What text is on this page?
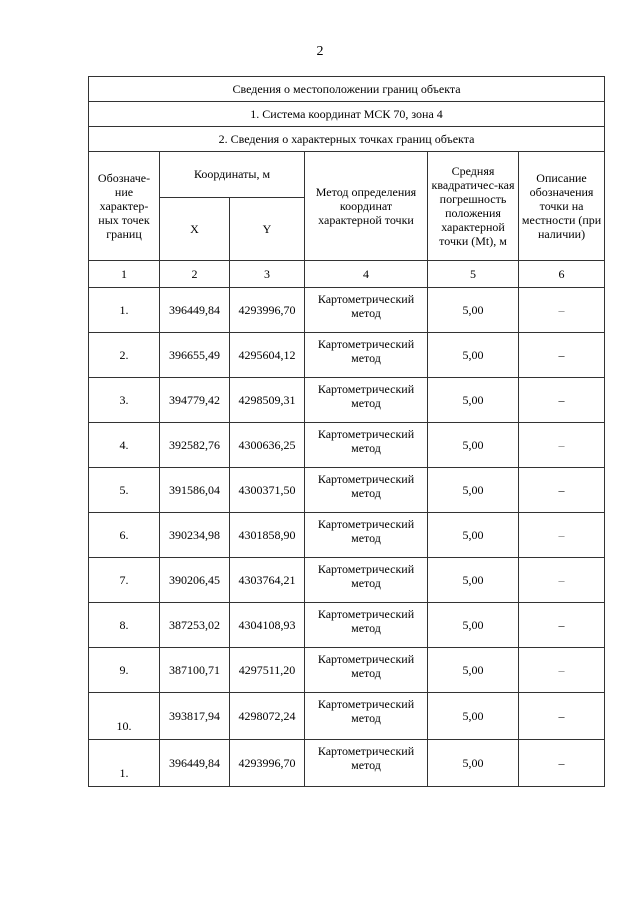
2
Сведения о местоположении границ объекта					
1. Система координат МСК 70, зона 4					
2. Сведения о характерных точках границ объекта					
Обозначе-ние характер-ных точек границ	Координаты, м		Метод определения координат характерной точки	Средняя квадратичес-кая погрешность положения характерной точки (Mt), м	Описание обозначения точки на местности (при наличии)
	X	Y			
1	2	3	4	5	6
1.	396449,84	4293996,70	Картометрический метод	5,00	–
2.	396655,49	4295604,12	Картометрический метод	5,00	–
3.	394779,42	4298509,31	Картометрический метод	5,00	–
4.	392582,76	4300636,25	Картометрический метод	5,00	–
5.	391586,04	4300371,50	Картометрический метод	5,00	–
6.	390234,98	4301858,90	Картометрический метод	5,00	–
7.	390206,45	4303764,21	Картометрический метод	5,00	–
8.	387253,02	4304108,93	Картометрический метод	5,00	–
9.	387100,71	4297511,20	Картометрический метод	5,00	–
10.	393817,94	4298072,24	Картометрический метод	5,00	–
1.	396449,84	4293996,70	Картометрический метод	5,00	–
